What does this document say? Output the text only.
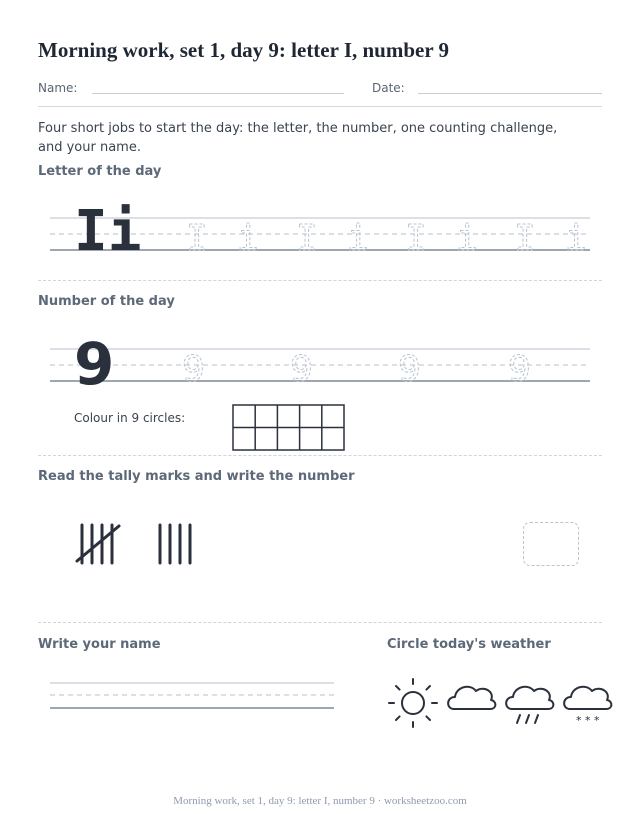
Morning work, set 1, day 9: letter I, number 9
Name:	Date:
Four short jobs to start the day: the letter, the number, one counting challenge, and your name.
Letter of the day
Ii I i I i I i I i
Number of the day
9 9 9 9 9
Colour in 9 circles:
Read the tally marks and write the number
Write your name	Circle today's weather
* * *
Morning work, set 1, day 9: letter I, number 9 · worksheetzoo.com
